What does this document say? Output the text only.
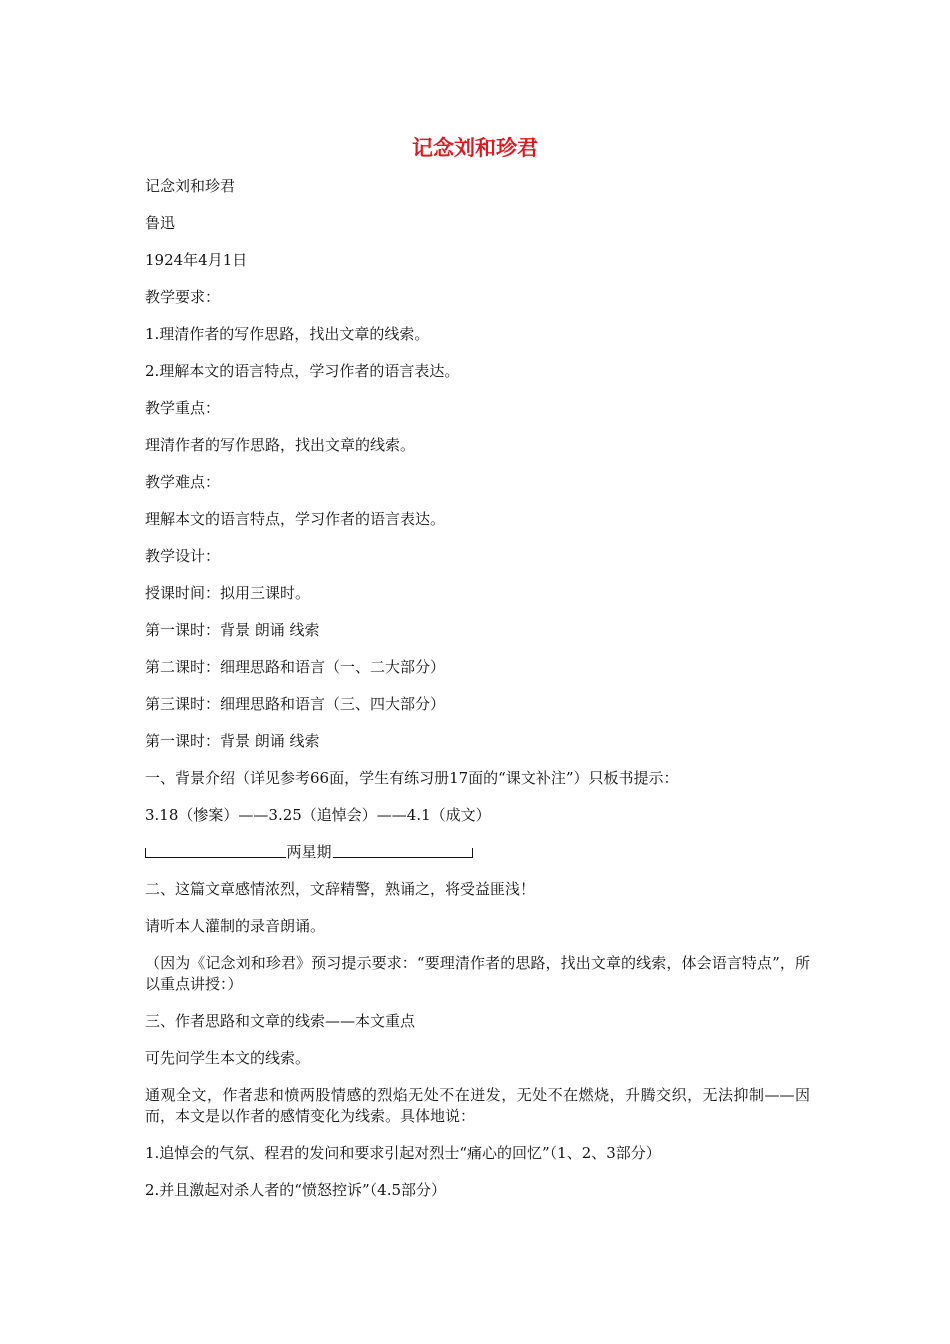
记念刘和珍君

记念刘和珍君

鲁迅

1924年4月1日

教学要求：

1.理清作者的写作思路，找出文章的线索。

2.理解本文的语言特点，学习作者的语言表达。

教学重点：

理清作者的写作思路，找出文章的线索。

教学难点：

理解本文的语言特点，学习作者的语言表达。

教学设计：

授课时间：拟用三课时。

第一课时：背景 朗诵 线索

第二课时：细理思路和语言（一、二大部分）

第三课时：细理思路和语言（三、四大部分）

第一课时：背景 朗诵 线索

一、背景介绍（详见参考66面，学生有练习册17面的“课文补注”）只板书提示：

3.18（惨案）——3.25（追悼会）——4.1（成文）

两星期

二、这篇文章感情浓烈，文辞精警，熟诵之，将受益匪浅！

请听本人灌制的录音朗诵。

（因为《记念刘和珍君》预习提示要求：“要理清作者的思路，找出文章的线索，体会语言特点”，所以重点讲授：）

三、作者思路和文章的线索——本文重点

可先问学生本文的线索。

通观全文，作者悲和愤两股情感的烈焰无处不在迸发，无处不在燃烧，升腾交织，无法抑制——因而，本文是以作者的感情变化为线索。具体地说：

1.追悼会的气氛、程君的发问和要求引起对烈士“痛心的回忆”（1、2、3部分）

2.并且激起对杀人者的“愤怒控诉”（4.5部分）
